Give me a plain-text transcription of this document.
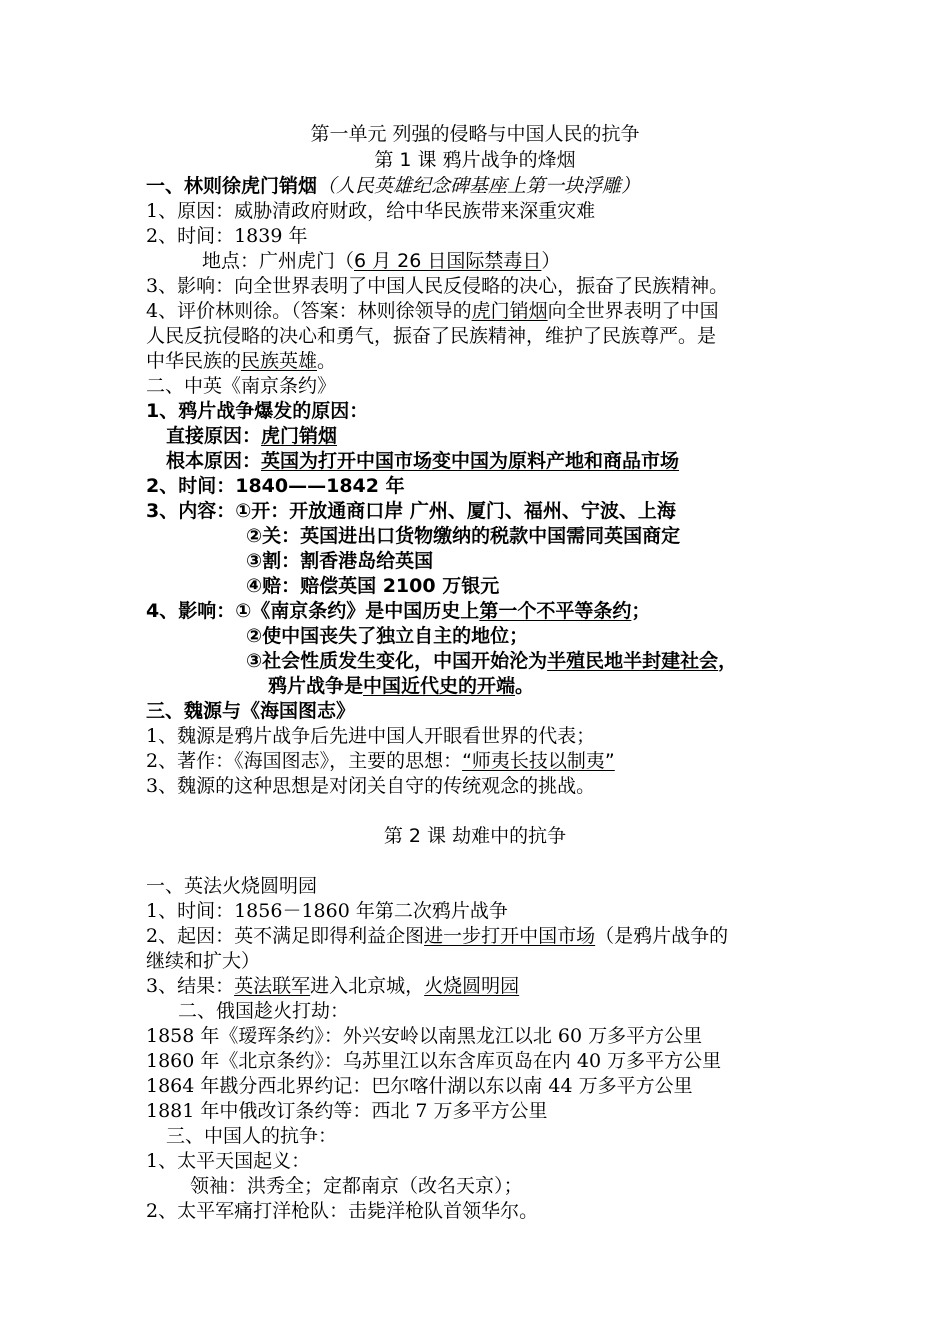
第一单元 列强的侵略与中国人民的抗争
第 1 课 鸦片战争的烽烟
一、林则徐虎门销烟（人民英雄纪念碑基座上第一块浮雕）
1、原因：威胁清政府财政，给中华民族带来深重灾难
2、时间：1839 年
地点：广州虎门（6 月 26 日国际禁毒日）
3、影响：向全世界表明了中国人民反侵略的决心，振奋了民族精神。
4、评价林则徐。（答案：林则徐领导的虎门销烟向全世界表明了中国
人民反抗侵略的决心和勇气，振奋了民族精神，维护了民族尊严。是
中华民族的民族英雄。
二、中英《南京条约》
1、鸦片战争爆发的原因：
直接原因：虎门销烟
根本原因：英国为打开中国市场变中国为原料产地和商品市场
2、时间：1840——1842 年
3、内容：①开：开放通商口岸 广州、厦门、福州、宁波、上海
②关：英国进出口货物缴纳的税款中国需同英国商定
③割：割香港岛给英国
④赔：赔偿英国 2100 万银元
4、影响：①《南京条约》是中国历史上第一个不平等条约；
②使中国丧失了独立自主的地位；
③社会性质发生变化，中国开始沦为半殖民地半封建社会，
鸦片战争是中国近代史的开端。
三、魏源与《海国图志》
1、魏源是鸦片战争后先进中国人开眼看世界的代表；
2、著作：《海国图志》，主要的思想：“师夷长技以制夷”
3、魏源的这种思想是对闭关自守的传统观念的挑战。
第 2 课 劫难中的抗争
一、英法火烧圆明园
1、时间：1856－1860 年第二次鸦片战争
2、起因：英不满足即得利益企图进一步打开中国市场（是鸦片战争的
继续和扩大）
3、结果：英法联军进入北京城，火烧圆明园
二、俄国趁火打劫：
1858 年《瑷珲条约》：外兴安岭以南黑龙江以北 60 万多平方公里
1860 年《北京条约》：乌苏里江以东含库页岛在内 40 万多平方公里
1864 年戡分西北界约记：巴尔喀什湖以东以南 44 万多平方公里
1881 年中俄改订条约等：西北 7 万多平方公里
三、中国人的抗争：
1、太平天国起义：
领袖：洪秀全；定都南京（改名天京）；
2、太平军痛打洋枪队：击毙洋枪队首领华尔。
